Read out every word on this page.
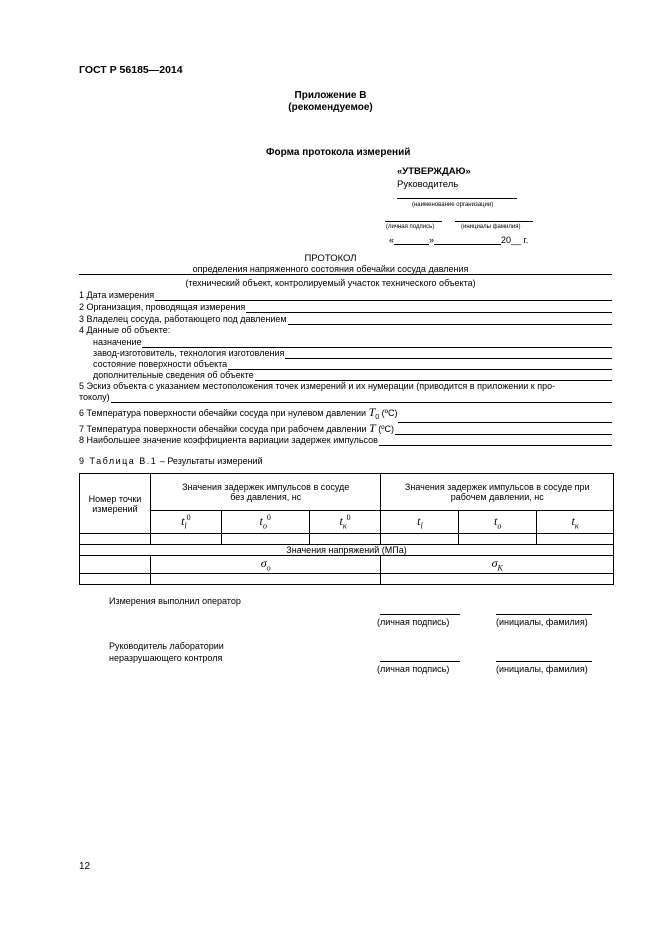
ГОСТ Р 56185—2014
Приложение В
(рекомендуемое)
Форма протокола измерений
«УТВЕРЖДАЮ»
Руководитель
(наименование организации)
(личная подпись)	(инициалы фамилия)
«	»	20__ г.
ПРОТОКОЛ
определения напряженного состояния обечайки сосуда давления
(технический объект, контролируемый участок технического объекта)
1 Дата измерения
2 Организация, проводящая измерения
3 Владелец сосуда, работающего под давлением
4 Данные об объекте:
назначение
завод-изготовитель, технология изготовления
состояние поверхности объекта
дополнительные сведения об объекте
5 Эскиз объекта с указанием местоположения точек измерений и их нумерации (приводится в приложении к про-
токолу)
6 Температура поверхности обечайки сосуда при нулевом давлении $T_0$ (ºС)
7 Температура поверхности обечайки сосуда при рабочем давлении T (ºС)
8 Наибольшее значение коэффициента вариации задержек импульсов
9 Таблица В.1 – Результаты измерений
Номер точки измерений	Значения задержек импульсов в сосуде без давления, нс			Значения задержек импульсов в сосуде при рабочем давлении, нс		
	$t_l^0$	$t_о^0$	$t_к^0$	$t_l$	$t_о$	$t_к$

Значения напряжений (МПа)						
	$\sigma_о$			$\sigma_К$

Измерения выполнил оператор
(личная подпись)	(инициалы, фамилия)
Руководитель лаборатории
неразрушающего контроля
(личная подпись)	(инициалы, фамилия)
12
